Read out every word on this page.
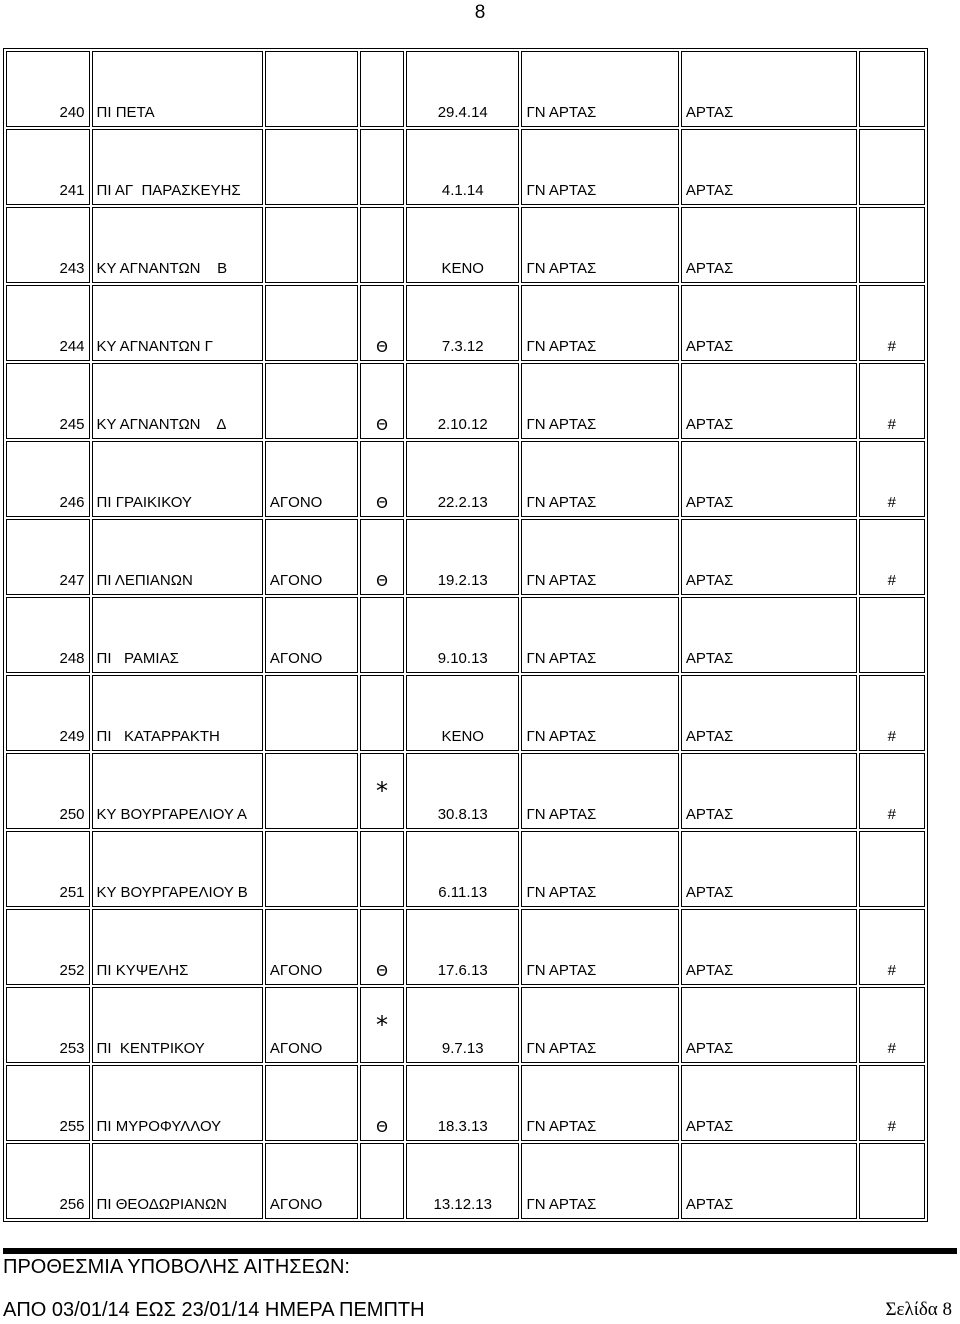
8
240	ΠΙ ΠΕΤΑ			29.4.14	ΓΝ ΑΡΤΑΣ	ΑΡΤΑΣ	
241	ΠΙ ΑΓ  ΠΑΡΑΣΚΕΥΗΣ			4.1.14	ΓΝ ΑΡΤΑΣ	ΑΡΤΑΣ	
243	ΚΥ ΑΓΝΑΝΤΩΝ    Β			ΚΕΝΟ	ΓΝ ΑΡΤΑΣ	ΑΡΤΑΣ	
244	ΚΥ ΑΓΝΑΝΤΩΝ Γ		Θ	7.3.12	ΓΝ ΑΡΤΑΣ	ΑΡΤΑΣ	#
245	ΚΥ ΑΓΝΑΝΤΩΝ    Δ		Θ	2.10.12	ΓΝ ΑΡΤΑΣ	ΑΡΤΑΣ	#
246	ΠΙ ΓΡΑΙΚΙΚΟΥ	ΑΓΟΝΟ	Θ	22.2.13	ΓΝ ΑΡΤΑΣ	ΑΡΤΑΣ	#
247	ΠΙ ΛΕΠΙΑΝΩΝ	ΑΓΟΝΟ	Θ	19.2.13	ΓΝ ΑΡΤΑΣ	ΑΡΤΑΣ	#
248	ΠΙ   ΡΑΜΙΑΣ	ΑΓΟΝΟ		9.10.13	ΓΝ ΑΡΤΑΣ	ΑΡΤΑΣ	
249	ΠΙ   ΚΑΤΑΡΡΑΚΤΗ			ΚΕΝΟ	ΓΝ ΑΡΤΑΣ	ΑΡΤΑΣ	#
250	ΚΥ ΒΟΥΡΓΑΡΕΛΙΟΥ Α		*	30.8.13	ΓΝ ΑΡΤΑΣ	ΑΡΤΑΣ	#
251	ΚΥ ΒΟΥΡΓΑΡΕΛΙΟΥ Β			6.11.13	ΓΝ ΑΡΤΑΣ	ΑΡΤΑΣ	
252	ΠΙ ΚΥΨΕΛΗΣ	ΑΓΟΝΟ	Θ	17.6.13	ΓΝ ΑΡΤΑΣ	ΑΡΤΑΣ	#
253	ΠΙ  ΚΕΝΤΡΙΚΟΥ	ΑΓΟΝΟ	*	9.7.13	ΓΝ ΑΡΤΑΣ	ΑΡΤΑΣ	#
255	ΠΙ ΜΥΡΟΦΥΛΛΟΥ		Θ	18.3.13	ΓΝ ΑΡΤΑΣ	ΑΡΤΑΣ	#
256	ΠΙ ΘΕΟΔΩΡΙΑΝΩΝ	ΑΓΟΝΟ		13.12.13	ΓΝ ΑΡΤΑΣ	ΑΡΤΑΣ	
ΠΡΟΘΕΣΜΙΑ ΥΠΟΒΟΛΗΣ ΑΙΤΗΣΕΩΝ:
ΑΠΟ 03/01/14 ΕΩΣ 23/01/14 ΗΜΕΡΑ ΠΕΜΠΤΗ	Σελίδα 8
